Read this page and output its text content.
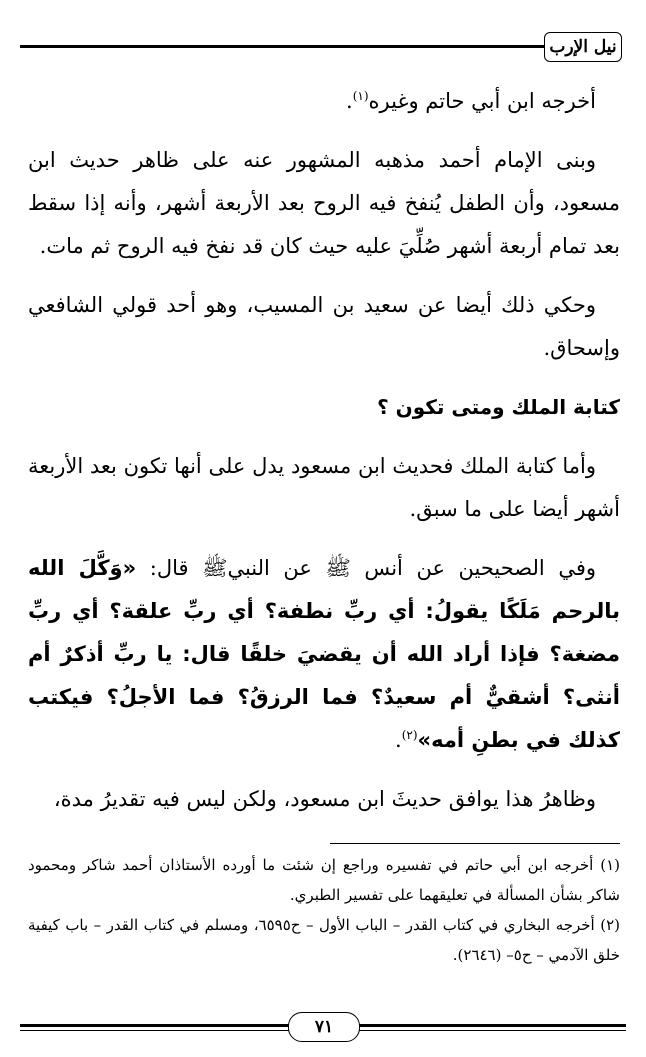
نيل الإرب

أخرجه ابن أبي حاتم وغيره$^{(١)}$.

وبنى الإمام أحمد مذهبه المشهور عنه على ظاهر حديث ابن مسعود، وأن الطفل يُنفخ فيه الروح بعد الأربعة أشهر، وأنه إذا سقط بعد تمام أربعة أشهر صُلِّيَ عليه حيث كان قد نفخ فيه الروح ثم مات.

وحكي ذلك أيضا عن سعيد بن المسيب، وهو أحد قولي الشافعي وإسحاق.

كتابة الملك ومتى تكون ؟

وأما كتابة الملك فحديث ابن مسعود يدل على أنها تكون بعد الأربعة أشهر أيضا على ما سبق.

وفي الصحيحين عن أنس ﷺ عن النبيﷺ قال: «وَكَّلَ الله بالرحم مَلَكًا يقولُ: أي ربِّ نطفة؟ أي ربِّ علقة؟ أي ربِّ مضغة؟ فإذا أراد الله أن يقضيَ خلقًا قال: يا ربِّ أذكرٌ أم أنثى؟ أشقيٌّ أم سعيدٌ؟ فما الرزقُ؟ فما الأجلُ؟ فيكتب كذلك في بطنِ أمه»$^{(٢)}$.

وظاهرُ هذا يوافق حديثَ ابن مسعود، ولكن ليس فيه تقديرُ مدة،

(١) أخرجه ابن أبي حاتم في تفسيره وراجع إن شئت ما أورده الأستاذان أحمد شاكر ومحمود شاكر بشأن المسألة في تعليقهما على تفسير الطبري.

(٢) أخرجه البخاري في كتاب القدر – الباب الأول – ح٦٥٩٥، ومسلم في كتاب القدر – باب كيفية خلق الآدمي – ح٥– (٢٦٤٦).

٧١
